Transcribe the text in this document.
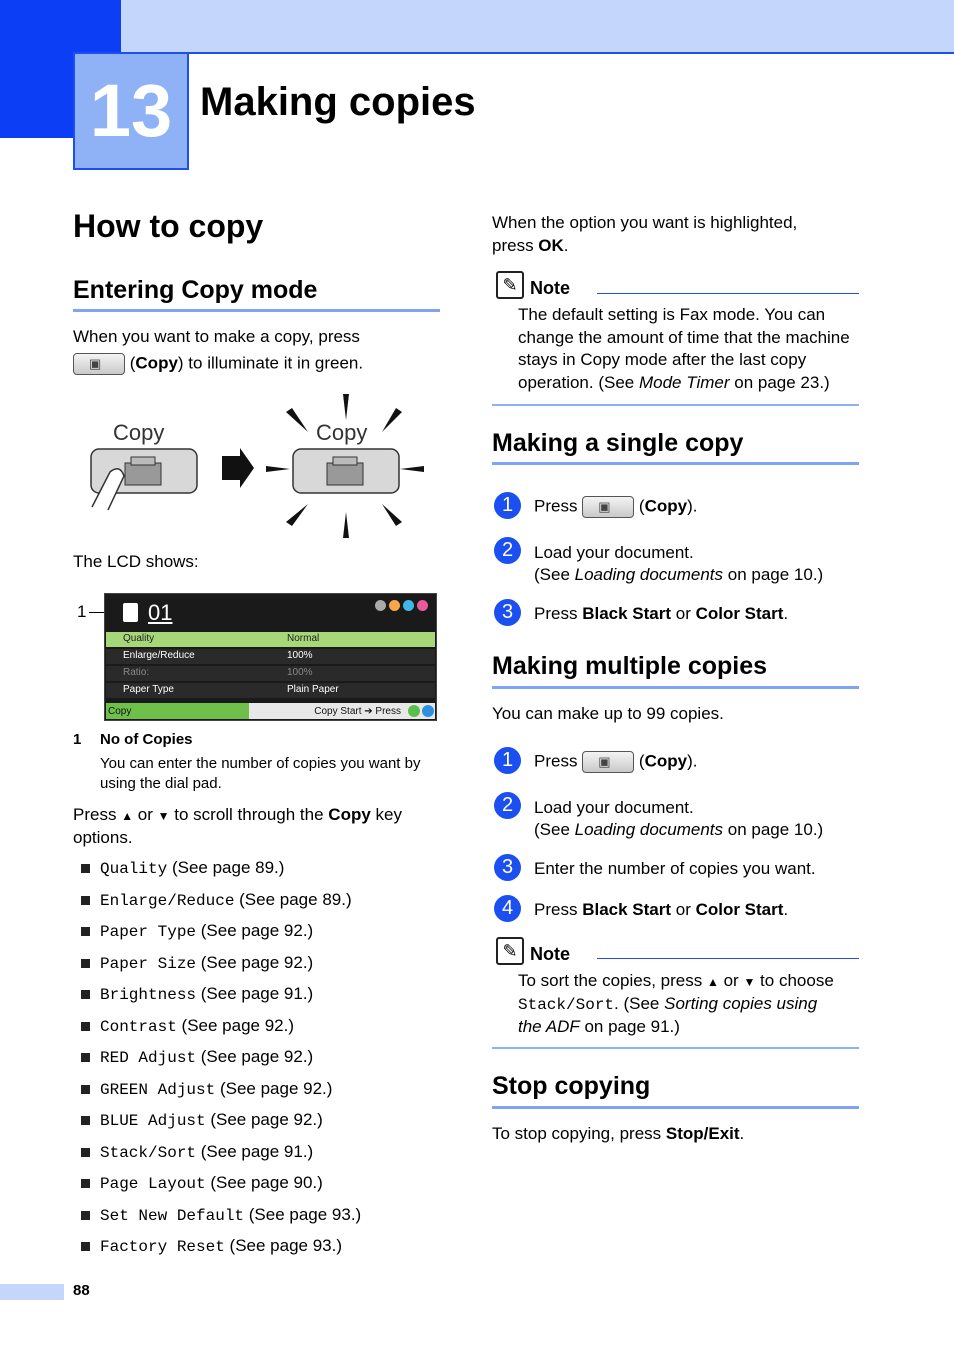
13 Making copies
How to copy
Entering Copy mode
When you want to make a copy, press
▣ (Copy) to illuminate it in green.
Copy	Copy
The LCD shows:
1	01
Quality	Normal
Enlarge/Reduce	100%
Ratio:	100%
Paper Type	Plain Paper
Copy	Copy Start ➔ Press
1 No of Copies
You can enter the number of copies you want by using the dial pad.
Press ▲ or ▼ to scroll through the Copy key
options.
Quality (See page 89.)
Enlarge/Reduce (See page 89.)
Paper Type (See page 92.)
Paper Size (See page 92.)
Brightness (See page 91.)
Contrast (See page 92.)
RED Adjust (See page 92.)
GREEN Adjust (See page 92.)
BLUE Adjust (See page 92.)
Stack/Sort (See page 91.)
Page Layout (See page 90.)
Set New Default (See page 93.)
Factory Reset (See page 93.)
When the option you want is highlighted,
press OK.
✎ Note
The default setting is Fax mode. You can
change the amount of time that the machine
stays in Copy mode after the last copy
operation. (See Mode Timer on page 23.)
Making a single copy
1	Press ▣ (Copy).
2	Load your document.
(See Loading documents on page 10.)
3	Press Black Start or Color Start.
Making multiple copies
You can make up to 99 copies.
1	Press ▣ (Copy).
2	Load your document.
(See Loading documents on page 10.)
3	Enter the number of copies you want.
4	Press Black Start or Color Start.
✎ Note
To sort the copies, press ▲ or ▼ to choose
Stack/Sort. (See Sorting copies using
the ADF on page 91.)
Stop copying
To stop copying, press Stop/Exit.
88
